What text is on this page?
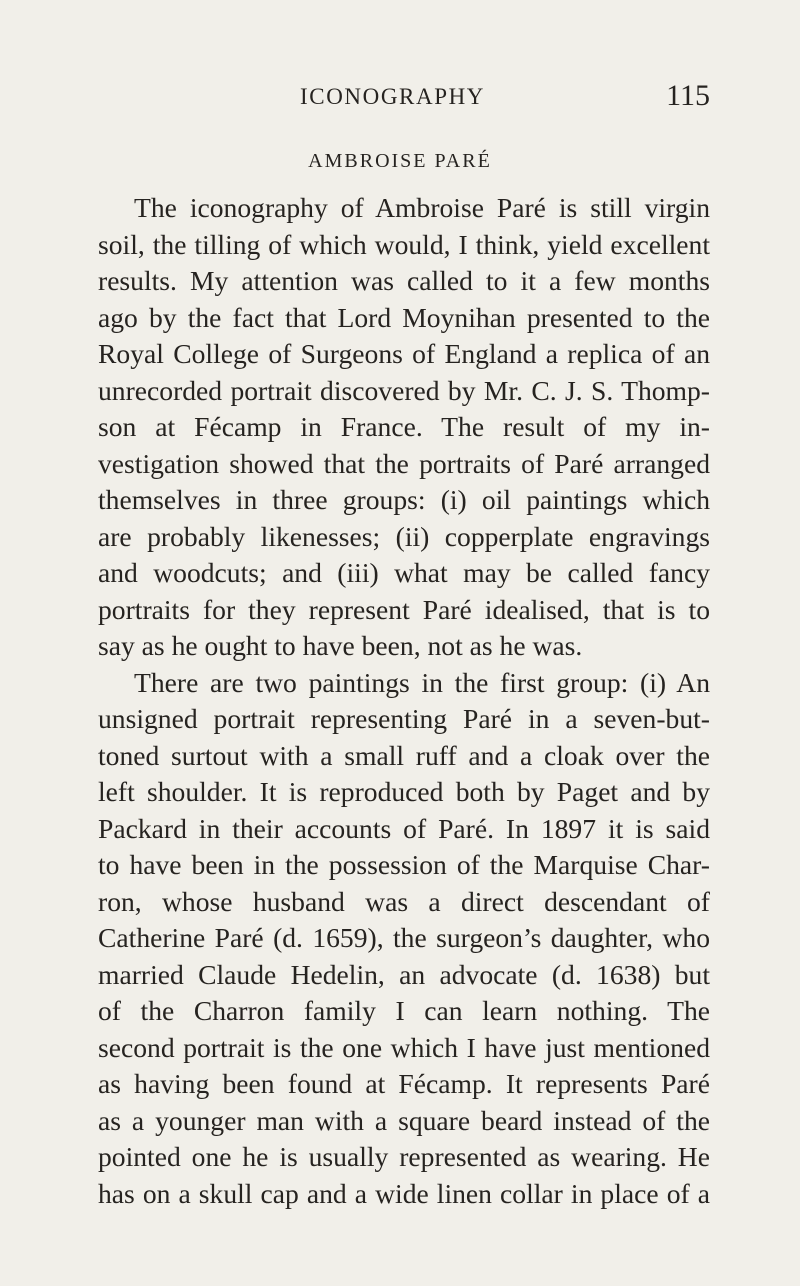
ICONOGRAPHY	115
AMBROISE PARÉ
The iconography of Ambroise Paré is still virgin
soil, the tilling of which would, I think, yield excellent
results. My attention was called to it a few months
ago by the fact that Lord Moynihan presented to the
Royal College of Surgeons of England a replica of an
unrecorded portrait discovered by Mr. C. J. S. Thomp-
son at Fécamp in France. The result of my in-
vestigation showed that the portraits of Paré arranged
themselves in three groups: (i) oil paintings which
are probably likenesses; (ii) copperplate engravings
and woodcuts; and (iii) what may be called fancy
portraits for they represent Paré idealised, that is to
say as he ought to have been, not as he was.
There are two paintings in the first group: (i) An
unsigned portrait representing Paré in a seven-but-
toned surtout with a small ruff and a cloak over the
left shoulder. It is reproduced both by Paget and by
Packard in their accounts of Paré. In 1897 it is said
to have been in the possession of the Marquise Char-
ron, whose husband was a direct descendant of
Catherine Paré (d. 1659), the surgeon’s daughter, who
married Claude Hedelin, an advocate (d. 1638) but
of the Charron family I can learn nothing. The
second portrait is the one which I have just mentioned
as having been found at Fécamp. It represents Paré
as a younger man with a square beard instead of the
pointed one he is usually represented as wearing. He
has on a skull cap and a wide linen collar in place of a
